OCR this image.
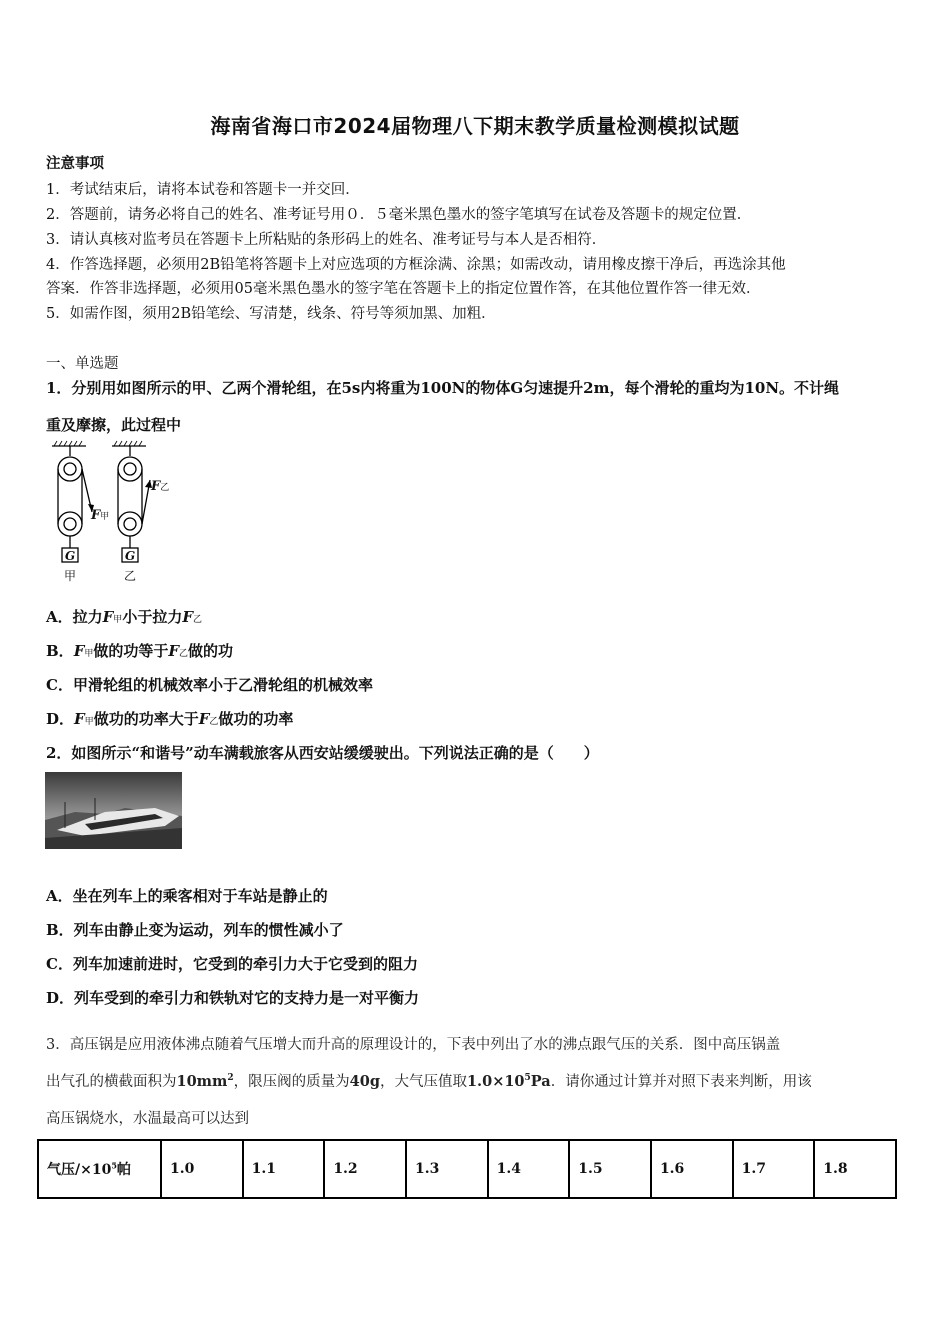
海南省海口市2024届物理八下期末教学质量检测模拟试题
注意事项
1．考试结束后，请将本试卷和答题卡一并交回．
2．答题前，请务必将自己的姓名、准考证号用０．５毫米黑色墨水的签字笔填写在试卷及答题卡的规定位置．
3．请认真核对监考员在答题卡上所粘贴的条形码上的姓名、准考证号与本人是否相符．
4．作答选择题，必须用2B铅笔将答题卡上对应选项的方框涂满、涂黑；如需改动，请用橡皮擦干净后，再选涂其他
答案．作答非选择题，必须用05毫米黑色墨水的签字笔在答题卡上的指定位置作答，在其他位置作答一律无效．
5．如需作图，须用2B铅笔绘、写清楚，线条、符号等须加黑、加粗．
一、单选题
1．分别用如图所示的甲、乙两个滑轮组，在5s内将重为100N的物体G匀速提升2m，每个滑轮的重均为10N。不计绳
重及摩擦，此过程中
F甲
F乙
G	G
甲	乙
A．拉力F甲小于拉力F乙
B．F甲做的功等于F乙做的功
C．甲滑轮组的机械效率小于乙滑轮组的机械效率
D．F甲做功的功率大于F乙做功的功率
2．如图所示“和谐号”动车满载旅客从西安站缓缓驶出。下列说法正确的是（　　）
A．坐在列车上的乘客相对于车站是静止的
B．列车由静止变为运动，列车的惯性减小了
C．列车加速前进时，它受到的牵引力大于它受到的阻力
D．列车受到的牵引力和铁轨对它的支持力是一对平衡力
3．高压锅是应用液体沸点随着气压增大而升高的原理设计的，下表中列出了水的沸点跟气压的关系．图中高压锅盖
出气孔的横截面积为$10mm^2$，限压阀的质量为40g，大气压值取$1.0\times 10^5Pa$．请你通过计算并对照下表来判断，用该
高压锅烧水，水温最高可以达到
气压$/\times 10^5$帕	1.0	1.1	1.2	1.3	1.4	1.5	1.6	1.7	1.8
